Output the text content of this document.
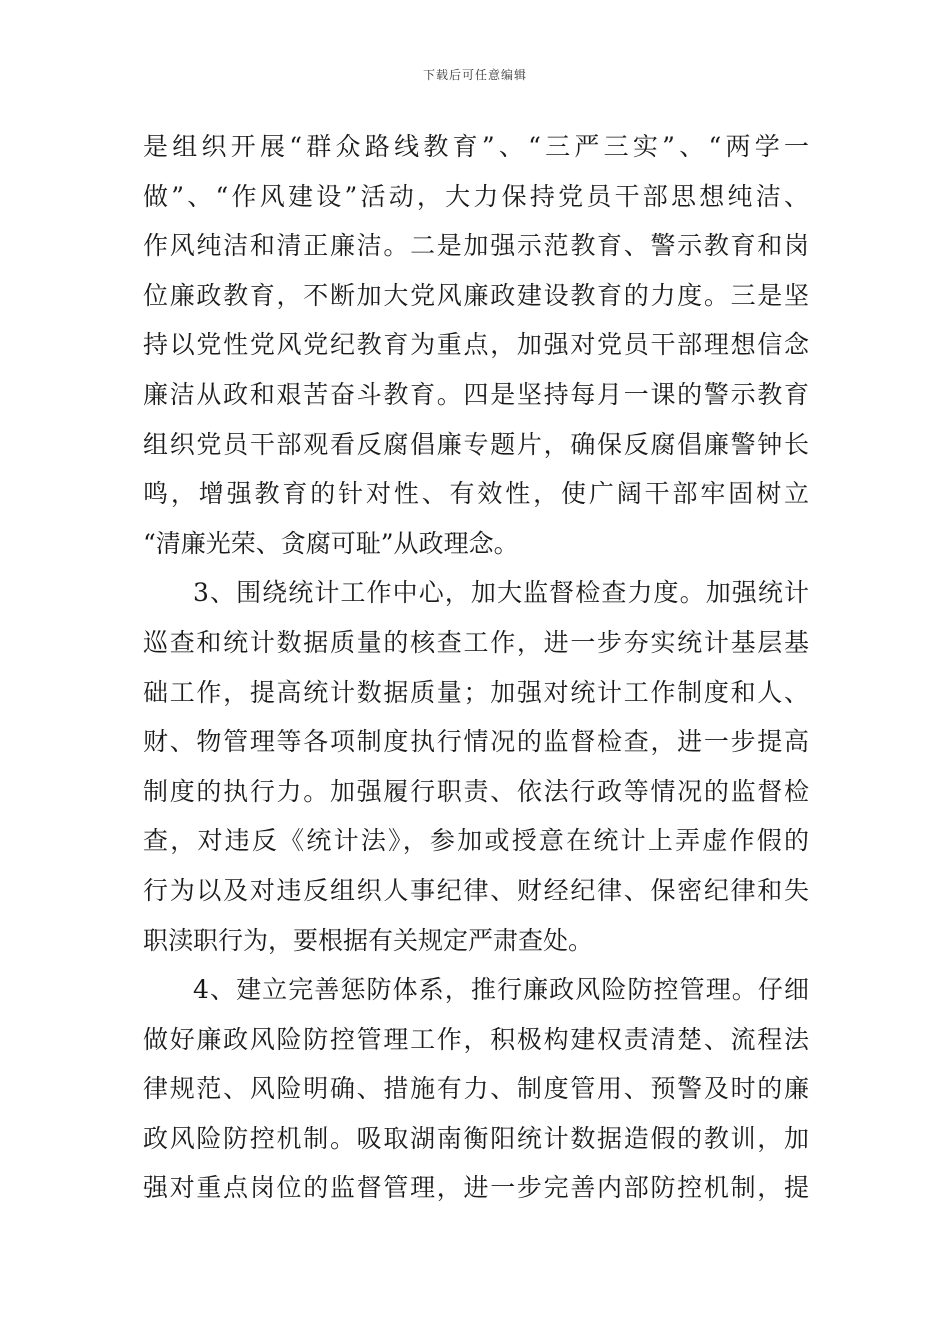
下载后可任意编辑
是组织开展“群众路线教育”、“三严三实”、“两学一
做”、“作风建设”活动，大力保持党员干部思想纯洁、
作风纯洁和清正廉洁。二是加强示范教育、警示教育和岗
位廉政教育，不断加大党风廉政建设教育的力度。三是坚
持以党性党风党纪教育为重点，加强对党员干部理想信念
廉洁从政和艰苦奋斗教育。四是坚持每月一课的警示教育
组织党员干部观看反腐倡廉专题片，确保反腐倡廉警钟长
鸣，增强教育的针对性、有效性，使广阔干部牢固树立
“清廉光荣、贪腐可耻”从政理念。
3、围绕统计工作中心，加大监督检查力度。加强统计
巡查和统计数据质量的核查工作，进一步夯实统计基层基
础工作，提高统计数据质量；加强对统计工作制度和人、
财、物管理等各项制度执行情况的监督检查，进一步提高
制度的执行力。加强履行职责、依法行政等情况的监督检
查，对违反《统计法》，参加或授意在统计上弄虚作假的
行为以及对违反组织人事纪律、财经纪律、保密纪律和失
职渎职行为，要根据有关规定严肃查处。
4、建立完善惩防体系，推行廉政风险防控管理。仔细
做好廉政风险防控管理工作，积极构建权责清楚、流程法
律规范、风险明确、措施有力、制度管用、预警及时的廉
政风险防控机制。吸取湖南衡阳统计数据造假的教训，加
强对重点岗位的监督管理，进一步完善内部防控机制，提
